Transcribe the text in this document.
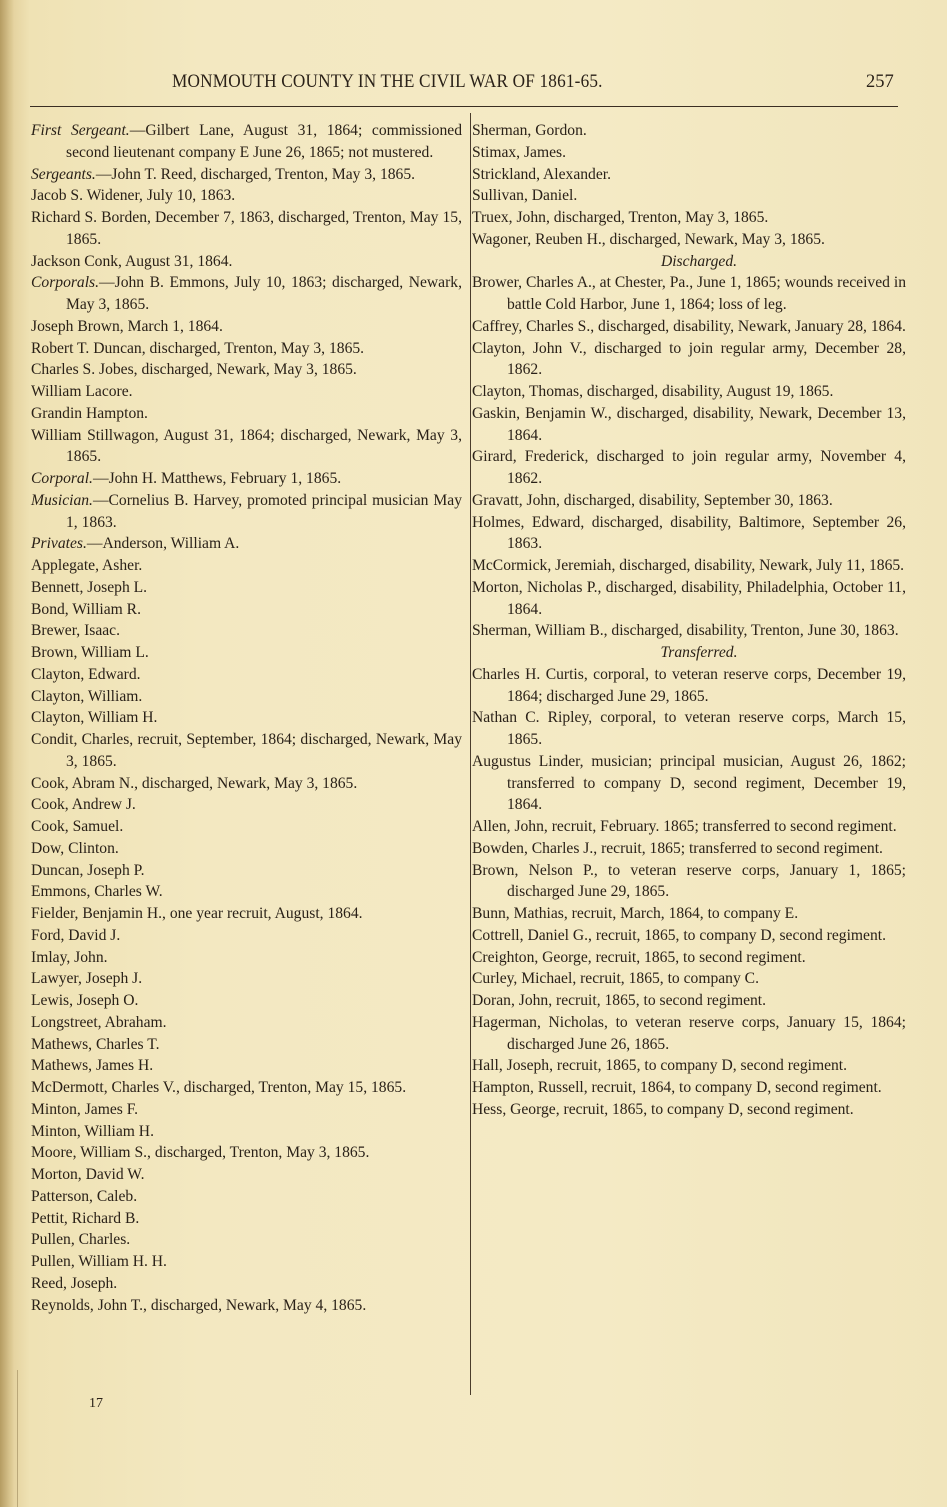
MONMOUTH COUNTY IN THE CIVIL WAR OF 1861-65.	257

First Sergeant.—Gilbert Lane, August 31, 1864; commissioned second lieutenant company E June 26, 1865; not mustered.

Sergeants.—John T. Reed, discharged, Trenton, May 3, 1865.

Jacob S. Widener, July 10, 1863.

Richard S. Borden, December 7, 1863, discharged, Trenton, May 15, 1865.

Jackson Conk, August 31, 1864.

Corporals.—John B. Emmons, July 10, 1863; discharged, Newark, May 3, 1865.

Joseph Brown, March 1, 1864.

Robert T. Duncan, discharged, Trenton, May 3, 1865.

Charles S. Jobes, discharged, Newark, May 3, 1865.

William Lacore.

Grandin Hampton.

William Stillwagon, August 31, 1864; discharged, Newark, May 3, 1865.

Corporal.—John H. Matthews, February 1, 1865.

Musician.—Cornelius B. Harvey, promoted principal musician May 1, 1863.

Privates.—Anderson, William A.

Applegate, Asher.

Bennett, Joseph L.

Bond, William R.

Brewer, Isaac.

Brown, William L.

Clayton, Edward.

Clayton, William.

Clayton, William H.

Condit, Charles, recruit, September, 1864; discharged, Newark, May 3, 1865.

Cook, Abram N., discharged, Newark, May 3, 1865.

Cook, Andrew J.

Cook, Samuel.

Dow, Clinton.

Duncan, Joseph P.

Emmons, Charles W.

Fielder, Benjamin H., one year recruit, August, 1864.

Ford, David J.

Imlay, John.

Lawyer, Joseph J.

Lewis, Joseph O.

Longstreet, Abraham.

Mathews, Charles T.

Mathews, James H.

McDermott, Charles V., discharged, Trenton, May 15, 1865.

Minton, James F.

Minton, William H.

Moore, William S., discharged, Trenton, May 3, 1865.

Morton, David W.

Patterson, Caleb.

Pettit, Richard B.

Pullen, Charles.

Pullen, William H. H.

Reed, Joseph.

Reynolds, John T., discharged, Newark, May 4, 1865.

Sherman, Gordon.

Stimax, James.

Strickland, Alexander.

Sullivan, Daniel.

Truex, John, discharged, Trenton, May 3, 1865.

Wagoner, Reuben H., discharged, Newark, May 3, 1865.

Discharged.

Brower, Charles A., at Chester, Pa., June 1, 1865; wounds received in battle Cold Harbor, June 1, 1864; loss of leg.

Caffrey, Charles S., discharged, disability, Newark, January 28, 1864.

Clayton, John V., discharged to join regular army, December 28, 1862.

Clayton, Thomas, discharged, disability, August 19, 1865.

Gaskin, Benjamin W., discharged, disability, Newark, December 13, 1864.

Girard, Frederick, discharged to join regular army, November 4, 1862.

Gravatt, John, discharged, disability, September 30, 1863.

Holmes, Edward, discharged, disability, Baltimore, September 26, 1863.

McCormick, Jeremiah, discharged, disability, Newark, July 11, 1865.

Morton, Nicholas P., discharged, disability, Philadelphia, October 11, 1864.

Sherman, William B., discharged, disability, Trenton, June 30, 1863.

Transferred.

Charles H. Curtis, corporal, to veteran reserve corps, December 19, 1864; discharged June 29, 1865.

Nathan C. Ripley, corporal, to veteran reserve corps, March 15, 1865.

Augustus Linder, musician; principal musician, August 26, 1862; transferred to company D, second regiment, December 19, 1864.

Allen, John, recruit, February. 1865; transferred to second regiment.

Bowden, Charles J., recruit, 1865; transferred to second regiment.

Brown, Nelson P., to veteran reserve corps, January 1, 1865; discharged June 29, 1865.

Bunn, Mathias, recruit, March, 1864, to company E.

Cottrell, Daniel G., recruit, 1865, to company D, second regiment.

Creighton, George, recruit, 1865, to second regiment.

Curley, Michael, recruit, 1865, to company C.

Doran, John, recruit, 1865, to second regiment.

Hagerman, Nicholas, to veteran reserve corps, January 15, 1864; discharged June 26, 1865.

Hall, Joseph, recruit, 1865, to company D, second regiment.

Hampton, Russell, recruit, 1864, to company D, second regiment.

Hess, George, recruit, 1865, to company D, second regiment.

17
